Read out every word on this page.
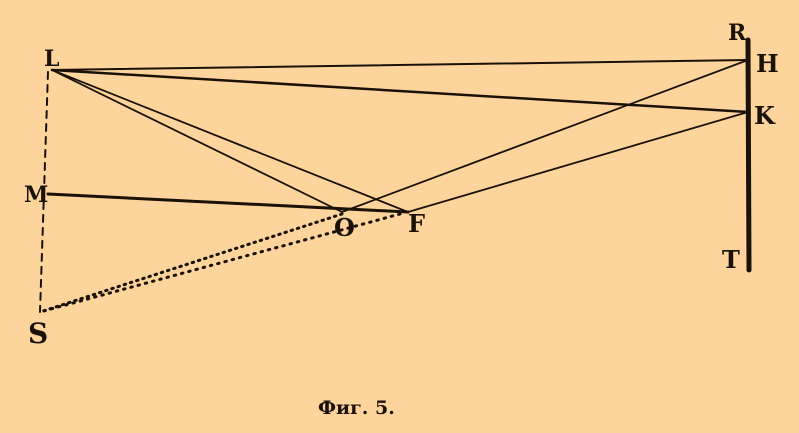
L
M
S
O F
R
H
K
T
Фиг. 5.
